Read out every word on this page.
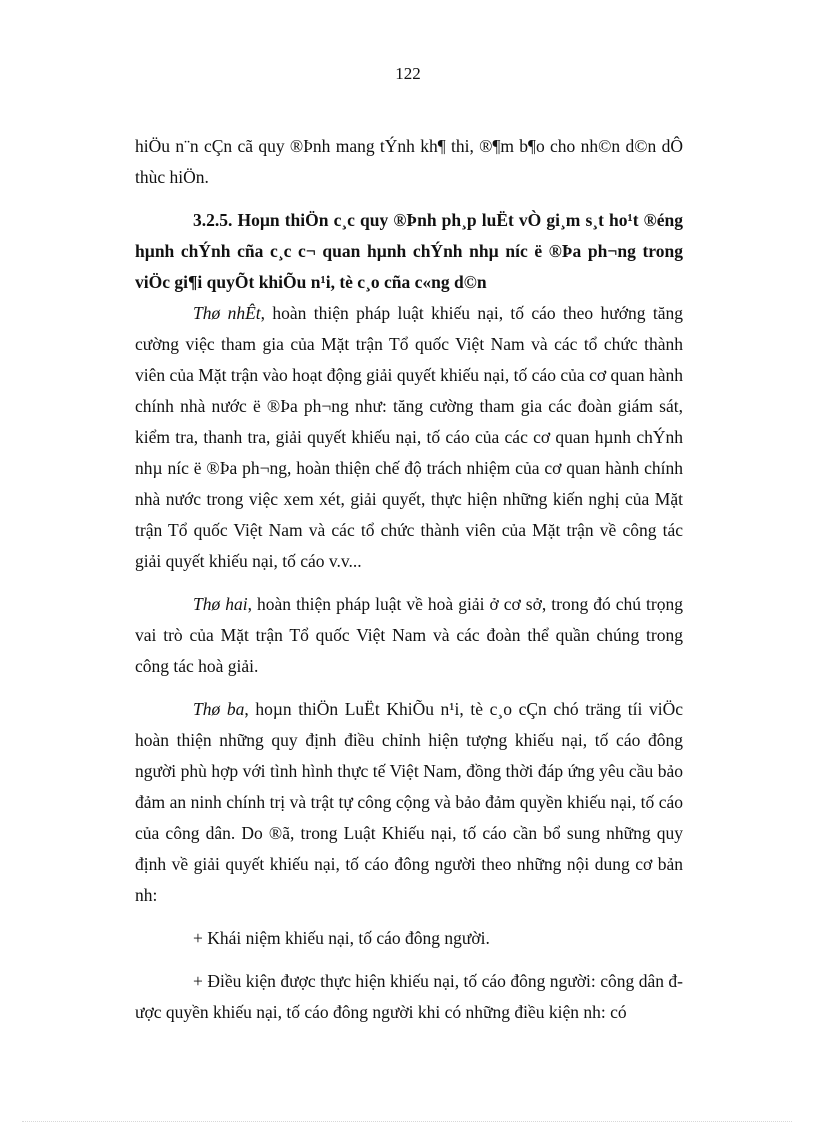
122

hiÖu n¨n cÇn cã quy ®Þnh mang tÝnh kh¶ thi, ®¶m b¶o cho nh©n d©n dÔ thùc hiÖn.

3.2.5. Hoµn thiÖn c¸c quy ®Þnh ph¸p luËt vÒ gi¸m s¸t ho¹t ®éng hµnh chÝnh cña c¸c c¬ quan hµnh chÝnh nhµ níc ë ®Þa ph¬ng trong viÖc gi¶i quyÕt khiÕu n¹i, tè c¸o cña c«ng d©n

Thø nhÊt, hoàn thiện pháp luật khiếu nại, tố cáo theo hướng tăng cường việc tham gia của Mặt trận Tổ quốc Việt Nam và các tổ chức thành viên của Mặt trận vào hoạt động giải quyết khiếu nại, tố cáo của cơ quan hành chính nhà nước ë ®Þa ph¬ng như: tăng cường tham gia các đoàn giám sát, kiểm tra, thanh tra, giải quyết khiếu nại, tố cáo của các cơ quan hµnh chÝnh nhµ níc ë ®Þa ph¬ng, hoàn thiện chế độ trách nhiệm của cơ quan hành chính nhà nước trong việc xem xét, giải quyết, thực hiện những kiến nghị của Mặt trận Tổ quốc Việt Nam và các tổ chức thành viên của Mặt trận về công tác giải quyết khiếu nại, tố cáo v.v...

Thø hai, hoàn thiện pháp luật về hoà giải ở cơ sở, trong đó chú trọng vai trò của Mặt trận Tổ quốc Việt Nam và các đoàn thể quần chúng trong công tác hoà giải.

Thø ba, hoµn thiÖn LuËt KhiÕu n¹i, tè c¸o cÇn chó träng tíi viÖc hoàn thiện những quy định điều chỉnh hiện tượng khiếu nại, tố cáo đông người phù hợp với tình hình thực tế Việt Nam, đồng thời đáp ứng yêu cầu bảo đảm an ninh chính trị và trật tự công cộng và bảo đảm quyền khiếu nại, tố cáo của công dân. Do ®ã, trong Luật Khiếu nại, tố cáo cần bổ sung những quy định về giải quyết khiếu nại, tố cáo đông người theo những nội dung cơ bản nh:

+ Khái niệm khiếu nại, tố cáo đông người.

+ Điều kiện được thực hiện khiếu nại, tố cáo đông người: công dân được quyền khiếu nại, tố cáo đông người khi có những điều kiện nh: có
